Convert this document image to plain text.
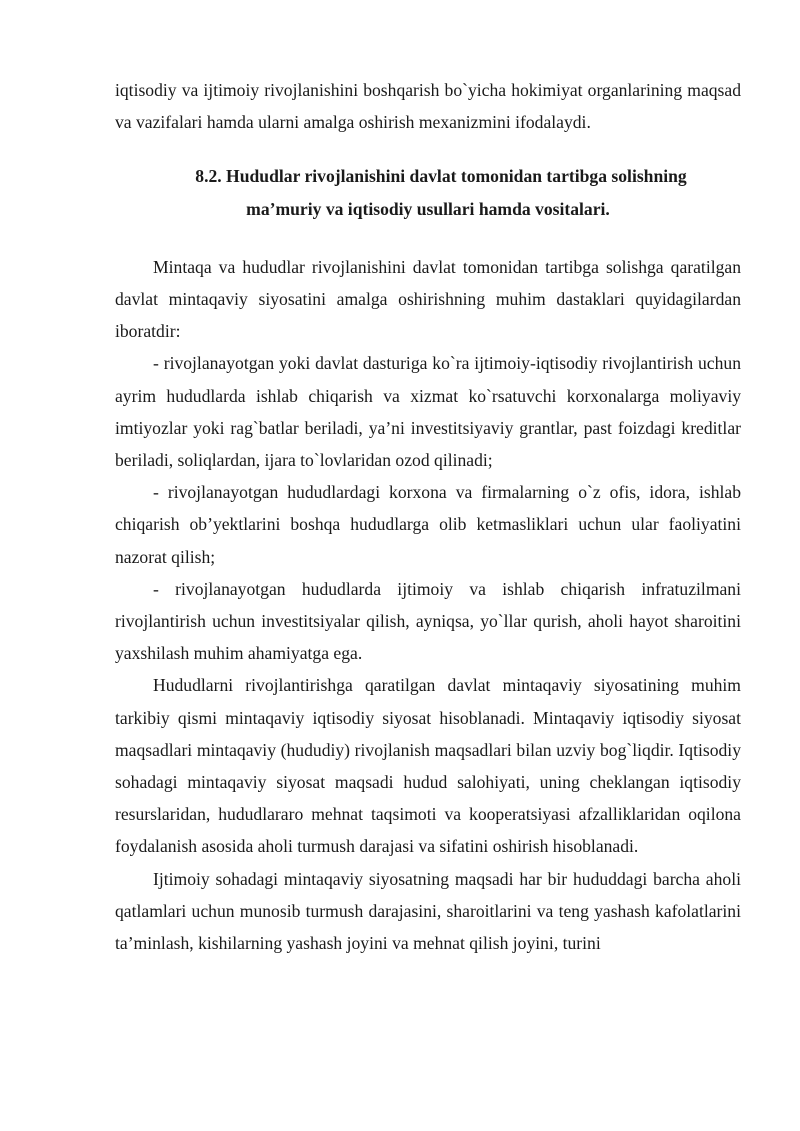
iqtisodiy va ijtimoiy rivojlanishini boshqarish bo`yicha hokimiyat organlarining maqsad va vazifalari hamda ularni amalga oshirish mexanizmini ifodalaydi.

8.2. Hududlar rivojlanishini davlat tomonidan tartibga solishning
ma’muriy va iqtisodiy usullari hamda vositalari.

Mintaqa va hududlar rivojlanishini davlat tomonidan tartibga solishga qaratilgan davlat mintaqaviy siyosatini amalga oshirishning muhim dastaklari quyidagilardan iboratdir:

- rivojlanayotgan yoki davlat dasturiga ko`ra ijtimoiy-iqtisodiy rivojlantirish uchun ayrim hududlarda ishlab chiqarish va xizmat ko`rsatuvchi korxonalarga moliyaviy imtiyozlar yoki rag`batlar beriladi, ya’ni investitsiyaviy grantlar, past foizdagi kreditlar beriladi, soliqlardan, ijara to`lovlaridan ozod qilinadi;

- rivojlanayotgan hududlardagi korxona va firmalarning o`z ofis, idora, ishlab chiqarish ob’yektlarini boshqa hududlarga olib ketmasliklari uchun ular faoliyatini nazorat qilish;

- rivojlanayotgan hududlarda ijtimoiy va ishlab chiqarish infratuzilmani rivojlantirish uchun investitsiyalar qilish, ayniqsa, yo`llar qurish, aholi hayot sharoitini yaxshilash muhim ahamiyatga ega.

Hududlarni rivojlantirishga qaratilgan davlat mintaqaviy siyosatining muhim tarkibiy qismi mintaqaviy iqtisodiy siyosat hisoblanadi. Mintaqaviy iqtisodiy siyosat maqsadlari mintaqaviy (hududiy) rivojlanish maqsadlari bilan uzviy bog`liqdir. Iqtisodiy sohadagi mintaqaviy siyosat maqsadi hudud salohiyati, uning cheklangan iqtisodiy resurslaridan, hududlararo mehnat taqsimoti va kooperatsiyasi afzalliklaridan oqilona foydalanish asosida aholi turmush darajasi va sifatini oshirish hisoblanadi.

Ijtimoiy sohadagi mintaqaviy siyosatning maqsadi har bir hududdagi barcha aholi qatlamlari uchun munosib turmush darajasini, sharoitlarini va teng yashash kafolatlarini ta’minlash, kishilarning yashash joyini va mehnat qilish joyini, turini
